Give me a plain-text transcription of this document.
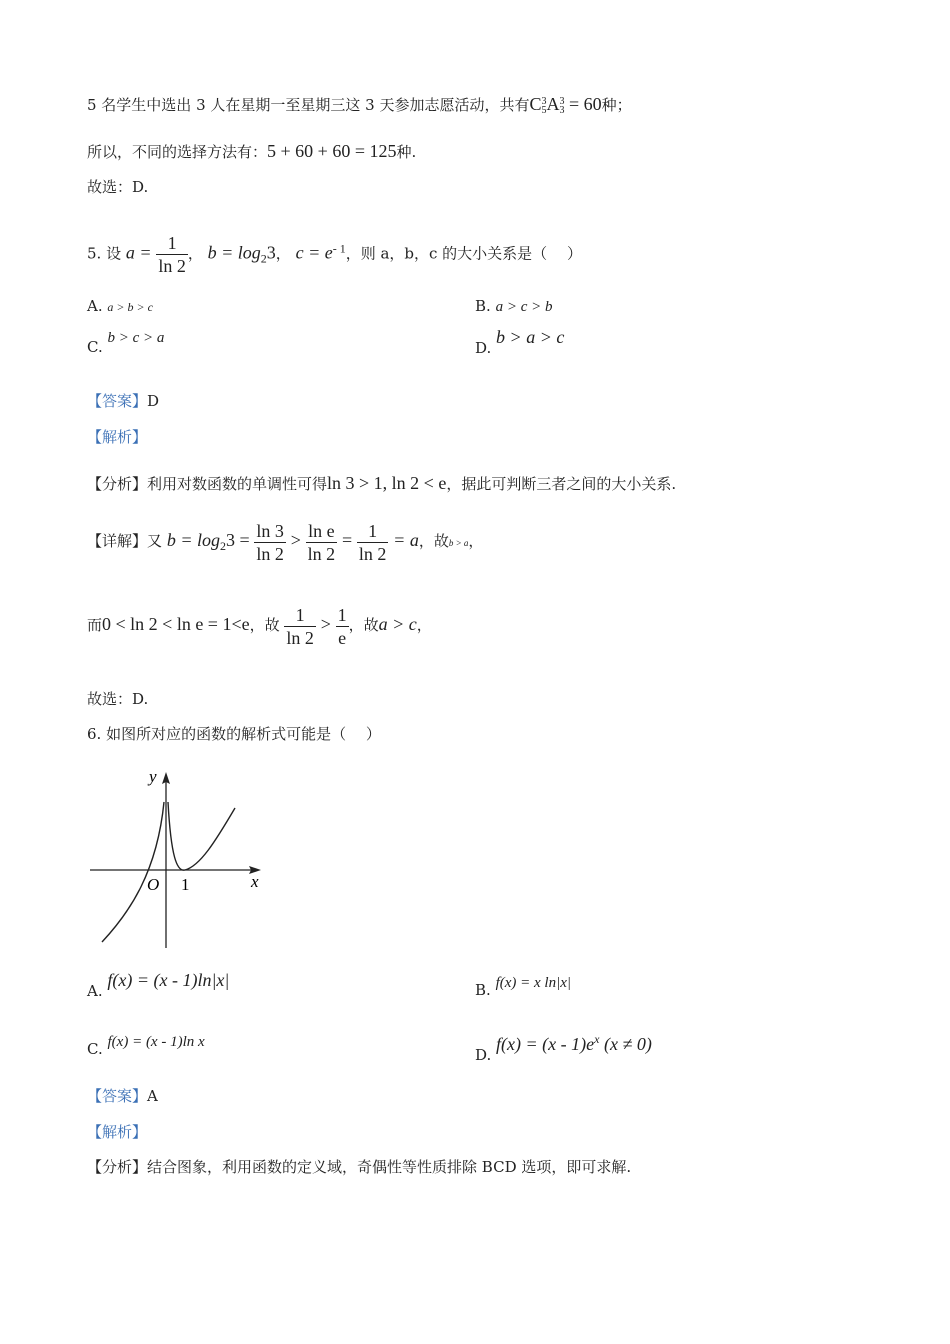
5 名学生中选出 3 人在星期一至星期三这 3 天参加志愿活动，共有C 3
5 A 3
3 = 60种；
所以，不同的选择方法有：5 + 60 + 60 = 125种.
故选：D.
5. 设 $a = \frac{1}{\ln 2}$ ， $b = \log_23$， $c = e^{- 1}$，则 a，b，c 的大小关系是（　 ）
A. a > b > c	B. a > c > b
C. b > c > a
D. b > a > c
【答案】D
【解析】
【分析】利用对数函数的单调性可得ln 3 > 1, ln 2 < e，据此可判断三者之间的大小关系.
【详解】又 $b = \log_23 = \frac{\ln 3}{\ln 2} > \frac{\text{ln e}}{\ln 2} = \frac{1}{\ln 2} = a$，故b > a，
而0 < ln 2 < ln e = 1<e，故 $\frac{1}{\ln 2} > \frac{1}{e}$ ，故a > c，
故选：D.
6. 如图所对应的函数的解析式可能是（　 ）
y
x
O 1
A. f(x) = (x - 1)ln|x|	B. f(x) = x ln|x|
C. f(x) = (x - 1)ln x
D. $f(x) = (x - 1)e^x$ (x ≠ 0)
【答案】A
【解析】
【分析】结合图象，利用函数的定义域，奇偶性等性质排除 BCD 选项，即可求解.
